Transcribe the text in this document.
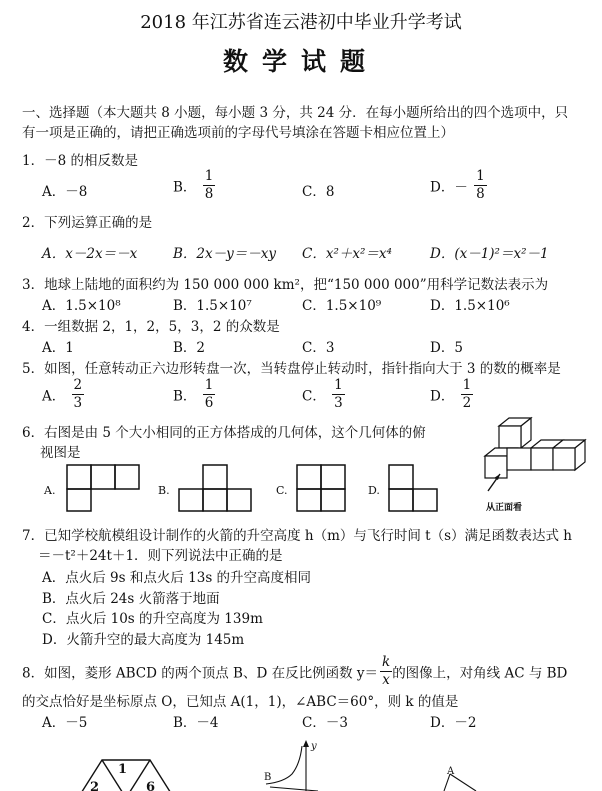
2018 年江苏省连云港初中毕业升学考试
数学试题
一、选择题（本大题共 8 小题，每小题 3 分，共 24 分．在每小题所给出的四个选项中，只
有一项是正确的，请把正确选项前的字母代号填涂在答题卡相应位置上）
1．－8 的相反数是
A．－8	B． $\frac{1}{8}$	C．8	D．－ $\frac{1}{8}$
2．下列运算正确的是
A．x－2x＝－x	B．2x－y＝－xy C．x²＋x²＝x⁴	D．(x－1)²＝x²－1
3．地球上陆地的面积约为 150 000 000 km²，把“150 000 000”用科学记数法表示为
A．1.5×10⁸	B．1.5×10⁷	C．1.5×10⁹	D．1.5×10⁶
4．一组数据 2，1，2，5，3，2 的众数是
A．1	B．2	C．3	D．5
5．如图，任意转动正六边形转盘一次，当转盘停止转动时，指针指向大于 3 的数的概率是
A． $\frac{2}{3}$	B． $\frac{1}{6}$	C． $\frac{1}{3}$	D． $\frac{1}{2}$
6．右图是由 5 个大小相同的正方体搭成的几何体，这个几何体的俯
视图是
A.	B.	C.	D.
从正面看
7．已知学校航模组设计制作的火箭的升空高度 h（m）与飞行时间 t（s）满足函数表达式 h
＝－t²＋24t＋1．则下列说法中正确的是
A．点火后 9s 和点火后 13s 的升空高度相同
B．点火后 24s 火箭落于地面
C．点火后 10s 的升空高度为 139m
D．火箭升空的最大高度为 145m
8．如图，菱形 ABCD 的两个顶点 B、D 在反比例函数 $y= \frac{k}{x}$ 的图像上，对角线 AC 与 BD
的交点恰好是坐标原点 O，已知点 A(1，1)，∠ABC＝60°，则 k 的值是
A．－5	B．－4	C．－3	D．－2
1
2	6
y
B
A
